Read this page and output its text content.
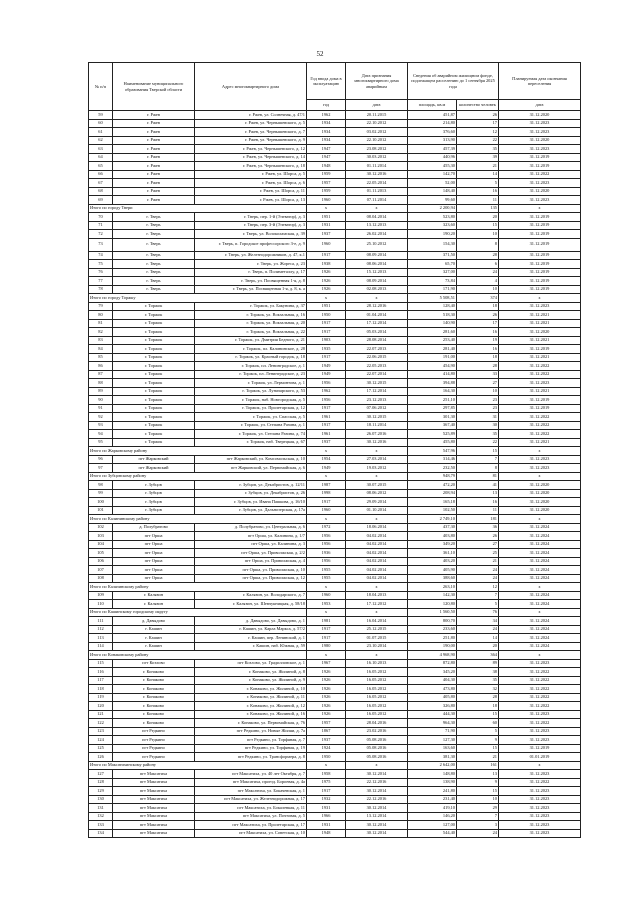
52
№ п/п	Наименование муниципального образования Тверской области	Адрес многоквартирного дома	Год ввода дома в эксплуатацию	Дата признания многоквартирного дома аварийным	Сведения об аварийном жилищном фонде, подлежащем расселению до 1 сентября 2025 года		Планируемая дата окончания переселения
			год	дата	площадь, кв.м	количество человек	дата
59	г. Ржев	г. Ржев, ул. Солнечная, д. 47/1	1962	20.11.2015	451,87	26	31.12.2020
60	г. Ржев	г. Ржев, ул. Чернышевского, д. 5	1934	22.10.2012	214,80	17	31.12.2023
61	г. Ржев	г. Ржев, ул. Чернышевского, д. 7	1934	03.02.2012	376,60	12	31.12.2023
62	г. Ржев	г. Ржев, ул. Чернышевского, д. 9	1934	22.10.2012	313,90	22	31.12.2020
63	г. Ржев	г. Ржев, ул. Чернышевского, д. 12	1947	23.08.2012	457,39	35	31.12.2023
64	г. Ржев	г. Ржев, ул. Чернышевского, д. 14	1947	30.03.2012	440,96	39	31.12.2019
65	г. Ржев	г. Ржев, ул. Чернышевского, д. 18	1948	01.11.2014	455,30	21	31.12.2019
66	г. Ржев	г. Ржев, ул. Шорса, д. 5	1959	30.12.2016	142,70	14	31.12.2022
67	г. Ржев	г. Ржев, ул. Шорса, д. 6	1957	22.05.2014	52,00	5	31.12.2023
68	г. Ржев	г. Ржев, ул. Шорса, д. 11	1959	01.11.2013	148,40	16	31.12.2020
69	г. Ржев	г. Ржев, ул. Шорса, д. 13	1960	07.11.2014	99,60	11	31.12.2023
Итого по городу Твери			х	х	2 200,94	135	х
70	г. Тверь	г. Тверь, пер. 1-й (Элеватор), д. 3	1951	08.04.2014	523,80	20	31.12.2019
71	г. Тверь	г. Тверь, пер. 3-й (Элеватор), д. 3	1931	13.12.2013	323,60	15	31.12.2019
72	г. Тверь	г. Тверь, ул. Волоколамская, д. 39	1937	26.02.2014	190,20	10	31.12.2019
73	г. Тверь	г. Тверь, п. Городское профессорского 3-е, д. 9	1960	25.10.2012	154,30	8	31.12.2019
74	г. Тверь	г. Тверь, ул. Железнодорожников, д. 47, к.1	1917	08.09.2014	371,50	28	31.12.2019
75	г. Тверь	г. Тверь, ул. Жореса, д. 23	1938	08.06.2014	65,70	6	31.12.2019
76	г. Тверь	г. Тверь, п. Полиметаллу, д. 17	1926	15.12.2013	327,00	24	31.12.2019
77	г. Тверь	г. Тверь, ул. Посвященная 1-я, д. 8	1926	08.09.2014	73,84	4	31.12.2019
78	г. Тверь	г. Тверь, ул. Посвященная 1-я, д. 8, к. а	1926	02.08.2013	171,90	10	31.12.2019
Итого по городу Торжку			х	х	5 508,51	374	х
79	г. Торжок	г. Торжок, ул. Бакунина, д. 37	1951	28.12.2016	128,40	18	31.12.2023
80	г. Торжок	г. Торжок, ул. Вокзальная, д. 16	1950	01.04.2014	518,30	26	31.12.2021
81	г. Торжок	г. Торжок, ул. Вокзальная, д. 20	1917	17.12.2014	140,90	17	31.12.2021
82	г. Торжок	г. Торжок, ул. Вокзальная, д. 22	1917	05.03.2014	281,60	16	31.12.2020
83	г. Торжок	г. Торжок, ул. Дмитрия Бедного, д. 21	1903	28.08.2014	253,40	19	31.12.2021
84	г. Торжок	г. Торжок, пл. Калининское, д. 28	1935	22.07.2013	281,40	16	31.12.2019
85	г. Торжок	г. Торжок, ул. Красный городок, д. 18	1917	22.06.2015	191,00	18	31.12.2021
86	г. Торжок	г. Торжок, пл. Ленинградское, д. 1	1949	22.05.2013	454,90	28	31.12.2022
87	г. Торжок	г. Торжок, пл. Ленинградское, д. 23	1949	22.07.2014	414,80	33	31.12.2022
88	г. Торжок	г. Торжок, ул. Лермонтова, д. 1	1956	30.12.2015	394,88	27	31.12.2023
89	г. Торжок	г. Торжок, ул. Луначарского, д. 53	1962	17.12.2014	164,30	10	31.12.2021
90	г. Торжок	г. Торжок, наб. Новгородская, д. 5	1956	23.12.2013	251,10	23	31.12.2019
91	г. Торжок	г. Торжок, ул. Пролетарская, д. 12	1917	07.06.2012	297,85	23	31.12.2019
92	г. Торжок	г. Торжок, ул. Спасская, д. 5	1961	30.12.2015	301,30	31	31.12.2022
93	г. Торжок	г. Торжок, ул. Степана Разина, д. 1	1917	18.11.2014	367,40	30	31.12.2022
94	г. Торжок	г. Торжок, ул. Степана Разина, д. 74	1961	26.07.2016	525,89	35	31.12.2022
95	г. Торжок	г. Торжок, наб. Тверецкая, д. 67	1937	30.12.2016	455,80	22	31.12.2021
Итого по Жарковскому району			х	х	547,96	15	х
96	пгт Жарковский	пгт Жарковский, ул. Комсомольская, д. 10	1954	27.03.2014	314,46	7	31.12.2023
97	пгт Жарковский	пгт Жарковский, ул. Первомайская, д. 6	1949	19.03.2012	232,50	8	31.12.2023
Итого по Зубцовскому району			х	х	948,79	81	х
98	г. Зубцов	г. Зубцов, ул. Декабристов, д. 12/11	1987	30.07.2015	472,20	41	31.12.2020
99	г. Зубцов	г. Зубцов, ул. Декабристов, д. 26	1998	08.06.2012	208,94	13	31.12.2020
100	г. Зубцов	г. Зубцов, ул. Ивана Пашкова, д. 16/10	1917	29.09.2014	165,18	16	31.12.2020
101	г. Зубцов	г. Зубцов, ул. Дальнозерская, д. 17а	1960	01.10.2014	102,50	11	31.12.2020
Итого по Калининскому району			х	х	2 749,10	181	х
102	д. Полубратово	д. Полубратово, ул. Центральная, д. 6	1972	18.06.2014	437,30	36	31.12.2024
103	пгт Орша	пгт Орша, ул. Калинина, д. 1/7	1956	04.02.2014	403,80	26	31.12.2024
104	пгт Орша	пгт Орша, ул. Калинина, д. 3	1956	04.02.2014	349,20	27	31.12.2024
105	пгт Орша	пгт Орша, ул. Приволжская, д. 2/2	1936	04.02.2014	361,10	25	31.12.2024
106	пгт Орша	пгт Орша, ул. Приволжская, д. 4	1956	04.02.2014	403,20	21	31.12.2024
107	пгт Орша	пгт Орша, ул. Приволжская, д. 10	1955	04.02.2014	405,90	24	31.12.2024
108	пгт Орша	пгт Орша, ул. Приволжская, д. 12	1955	04.02.2014	388,60	24	31.12.2024
Итого по Калязинскому району			х	х	263,10	12	х
109	г. Калязин	г. Калязин, ул. Володарского, д. 7	1960	18.04.2013	142,30	7	31.12.2024
110	г. Калязин	г. Калязин, ул. Шевчукницкая, д. 58/18	1953	17.12.2012	120,80	5	31.12.2024
Итого по Кашинскому городскому округу			х	х	1 560,50	76	х
111	д. Давыдово	д. Давыдово, ул. Давыдово, д. 1	1981	16.04.2014	800,70	34	31.12.2024
112	г. Кашин	г. Кашин, ул. Карла Маркса, д. 57/2	1917	25.12.2015	233,60	24	31.12.2024
113	г. Кашин	г. Кашин, пер. Ленинский, д. 1	1917	01.07.2015	251,80	14	31.12.2024
114	г. Кашин	г. Кашин, наб. Южная, д. 59	1980	23.10.2014	190,00	20	31.12.2024
Итого по Конаковскому району			х	х	4 968,90	364	х
115	пгт Козлово	пгт Козлово, ул. Градилловское, д. 1	1967	16.10.2013	872,80	89	31.12.2023
116	г. Конаково	г. Конаково, ул. Жилиной, д. 8	1926	16.05.2012	345,20	38	31.12.2022
117	г. Конаково	г. Конаково, ул. Жилиной, д. 9	1926	16.05.2012	404,30	35	31.12.2022
118	г. Конаково	г. Конаково, ул. Жилиной, д. 10	1926	16.05.2012	473,80	32	31.12.2022
119	г. Конаково	г. Конаково, ул. Жилиной, д. 11	1926	16.05.2012	405,80	28	31.12.2022
120	г. Конаково	г. Конаково, ул. Жилиной, д. 12	1926	16.05.2012	326,80	18	31.12.2022
121	г. Конаково	г. Конаково, ул. Жилиной, д. 16	1926	16.05.2012	444,30	15	31.12.2023
122	г. Конаково	г. Конаково, ул. Первомайская, д. 76	1957	28.04.2016	964,30	60	31.12.2022
123	пгт Редкино	пгт Редкино, ул. Новые Жиляи, д. 7а	1867	23.02.2016	71,90	5	31.12.2023
124	пгт Редкино	пгт Редкино, ул. Торфяная, д. 7	1937	05.08.2016	127,30	9	31.12.2023
125	пгт Редкино	пгт Редкино, ул. Торфяная, д. 19	1924	05.08.2016	163,60	15	31.12.2019
126	пгт Редкино	пгт Редкино, ул. Трансформера, д. 8	1950	05.08.2016	381,30	21	01.01.2019
Итого по Максатихинскому району			х	х	2 642,00	161	х
127	пгт Максатиха	пгт Максатиха, ул. 40 лет Октября, д. 7	1958	30.12.2014	148,80	13	31.12.2023
128	пгт Максатиха	пгт Максатиха, проезд. Бороевая, д. 4а	1975	22.12.2016	138,90	9	31.12.2022
129	пгт Максатиха	пгт Максатиха, ул. Бокачевская, д. 1	1917	30.12.2014	241,80	15	31.12.2023
130	пгт Максатиха	пгт Максатиха, ул. Железнодорожная, д. 17	1932	22.12.2016	231,40	10	31.12.2023
131	пгт Максатиха	пгт Максатиха, ул. Бокалевкая, д. 11	1931	30.12.2014	419,10	29	31.12.2023
132	пгт Максатиха	пгт Максатиха, ул. Почтовая, д. 5	1966	13.12.2014	146,20	7	31.12.2023
133	пгт Максатиха	пгт Максатиха, ул. Пролетарская, д. 17	1931	30.12.2014	127,00	3	31.12.2023
134	пгт Максатиха	пгт Максатиха, ул. Советская, д. 10	1948	30.12.2014	544,40	24	31.12.2023
